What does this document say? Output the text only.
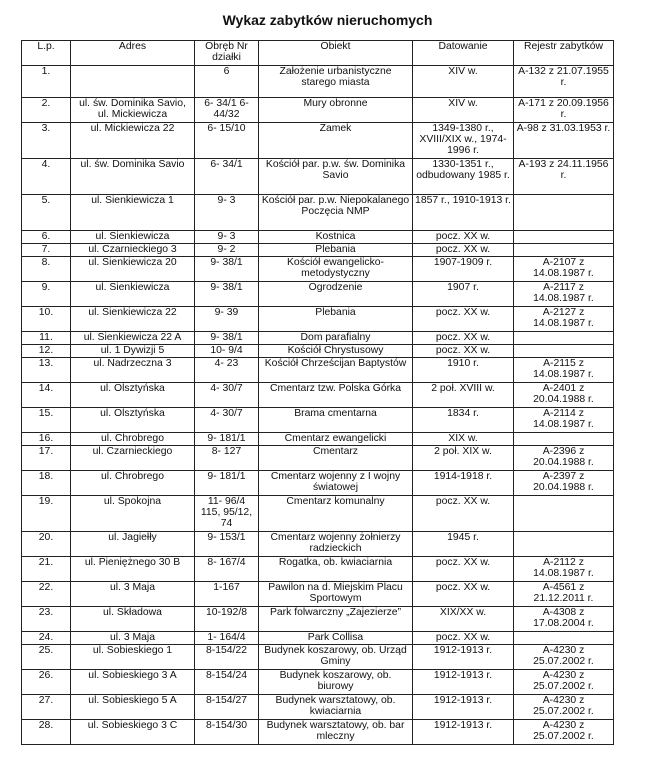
Wykaz zabytków nieruchomych
L.p.	Adres	Obręb Nr działki	Obiekt	Datowanie	Rejestr zabytków
1.		6	Założenie urbanistyczne starego miasta	XIV w.	A-132 z 21.07.1955 r.
2.	ul. św. Dominika Savio, ul. Mickiewicza	6- 34/1 6- 44/32	Mury obronne	XIV w.	A-171 z 20.09.1956 r.
3.	ul. Mickiewicza 22	6- 15/10	Zamek	1349-1380 r., XVIII/XIX w., 1974-1996 r.	A-98 z 31.03.1953 r.
4.	ul. św. Dominika Savio	6- 34/1	Kościół par. p.w. św. Dominika Savio	1330-1351 r., odbudowany 1985 r.	A-193 z 24.11.1956 r.
5.	ul. Sienkiewicza 1	9- 3	Kościół par. p.w. Niepokalanego Poczęcia NMP	1857 r., 1910-1913 r.	
6.	ul. Sienkiewicza	9- 3	Kostnica	pocz. XX w.	
7.	ul. Czarnieckiego 3	9- 2	Plebania	pocz. XX w.	
8.	ul. Sienkiewicza 20	9- 38/1	Kościół ewangelicko-metodystyczny	1907-1909 r.	A-2107 z 14.08.1987 r.
9.	ul. Sienkiewicza	9- 38/1	Ogrodzenie	1907 r.	A-2117 z 14.08.1987 r.
10.	ul. Sienkiewicza 22	9- 39	Plebania	pocz. XX w.	A-2127 z 14.08.1987 r.
11.	ul. Sienkiewicza 22 A	9- 38/1	Dom parafialny	pocz. XX w.	
12.	ul. 1 Dywizji 5	10- 9/4	Kościół Chrystusowy	pocz. XX w.	
13.	ul. Nadrzeczna 3	4- 23	Kościół Chrześcijan Baptystów	1910 r.	A-2115 z 14.08.1987 r.
14.	ul. Olsztyńska	4- 30/7	Cmentarz tzw. Polska Górka	2 poł. XVIII w.	A-2401 z 20.04.1988 r.
15.	ul. Olsztyńska	4- 30/7	Brama cmentarna	1834 r.	A-2114 z 14.08.1987 r.
16.	ul. Chrobrego	9- 181/1	Cmentarz ewangelicki	XIX w.	
17.	ul. Czarnieckiego	8- 127	Cmentarz	2 poł. XIX w.	A-2396 z 20.04.1988 r.
18.	ul. Chrobrego	9- 181/1	Cmentarz wojenny z I wojny światowej	1914-1918 r.	A-2397 z 20.04.1988 r.
19.	ul. Spokojna	11- 96/4 115, 95/12, 74	Cmentarz komunalny	pocz. XX w.	
20.	ul. Jagiełły	9- 153/1	Cmentarz wojenny żołnierzy radzieckich	1945 r.	
21.	ul. Pieniężnego 30 B	8- 167/4	Rogatka, ob. kwiaciarnia	pocz. XX w.	A-2112 z 14.08.1987 r.
22.	ul. 3 Maja	1-167	Pawilon na d. Miejskim Placu Sportowym	pocz. XX w.	A-4561 z 21.12.2011 r.
23.	ul. Składowa	10-192/8	Park folwarczny „Zajezierze”	XIX/XX w.	A-4308 z 17.08.2004 r.
24.	ul. 3 Maja	1- 164/4	Park Collisa	pocz. XX w.	
25.	ul. Sobieskiego 1	8-154/22	Budynek koszarowy, ob. Urząd Gminy	1912-1913 r.	A-4230 z 25.07.2002 r.
26.	ul. Sobieskiego 3 A	8-154/24	Budynek koszarowy, ob. biurowy	1912-1913 r.	A-4230 z 25.07.2002 r.
27.	ul. Sobieskiego 5 A	8-154/27	Budynek warsztatowy, ob. kwiaciarnia	1912-1913 r.	A-4230 z 25.07.2002 r.
28.	ul. Sobieskiego 3 C	8-154/30	Budynek warsztatowy, ob. bar mleczny	1912-1913 r.	A-4230 z 25.07.2002 r.
